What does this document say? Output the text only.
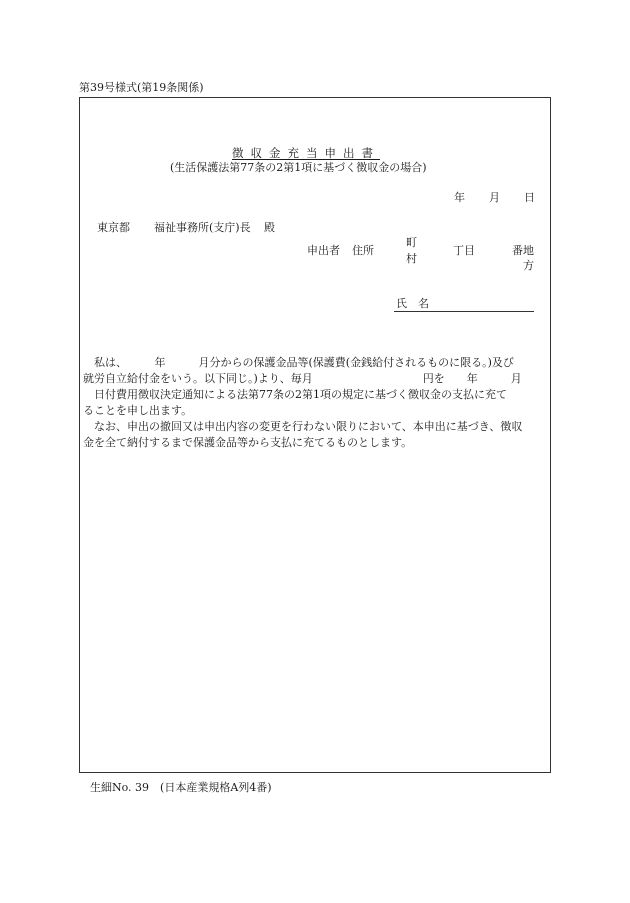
第39号様式(第19条関係)
徴収金充当申出書
(生活保護法第77条の2第1項に基づく徴収金の場合)
年 月 日
東京都 福祉事務所(支庁)長 殿
申出者 住所
町
村
丁目	番地
方
氏　名
私は、　　　年　　　月分からの保護金品等(保護費(金銭給付されるものに限る。)及び
就労自立給付金をいう。以下同じ。)より、毎月　　　　　　　　　　円を　　年　　　月
日付費用徴収決定通知による法第77条の2第1項の規定に基づく徴収金の支払に充て
ることを申し出ます。
なお、申出の撤回又は申出内容の変更を行わない限りにおいて、本申出に基づき、徴収
金を全て納付するまで保護金品等から支払に充てるものとします。
生細No. 39　(日本産業規格A列4番)
